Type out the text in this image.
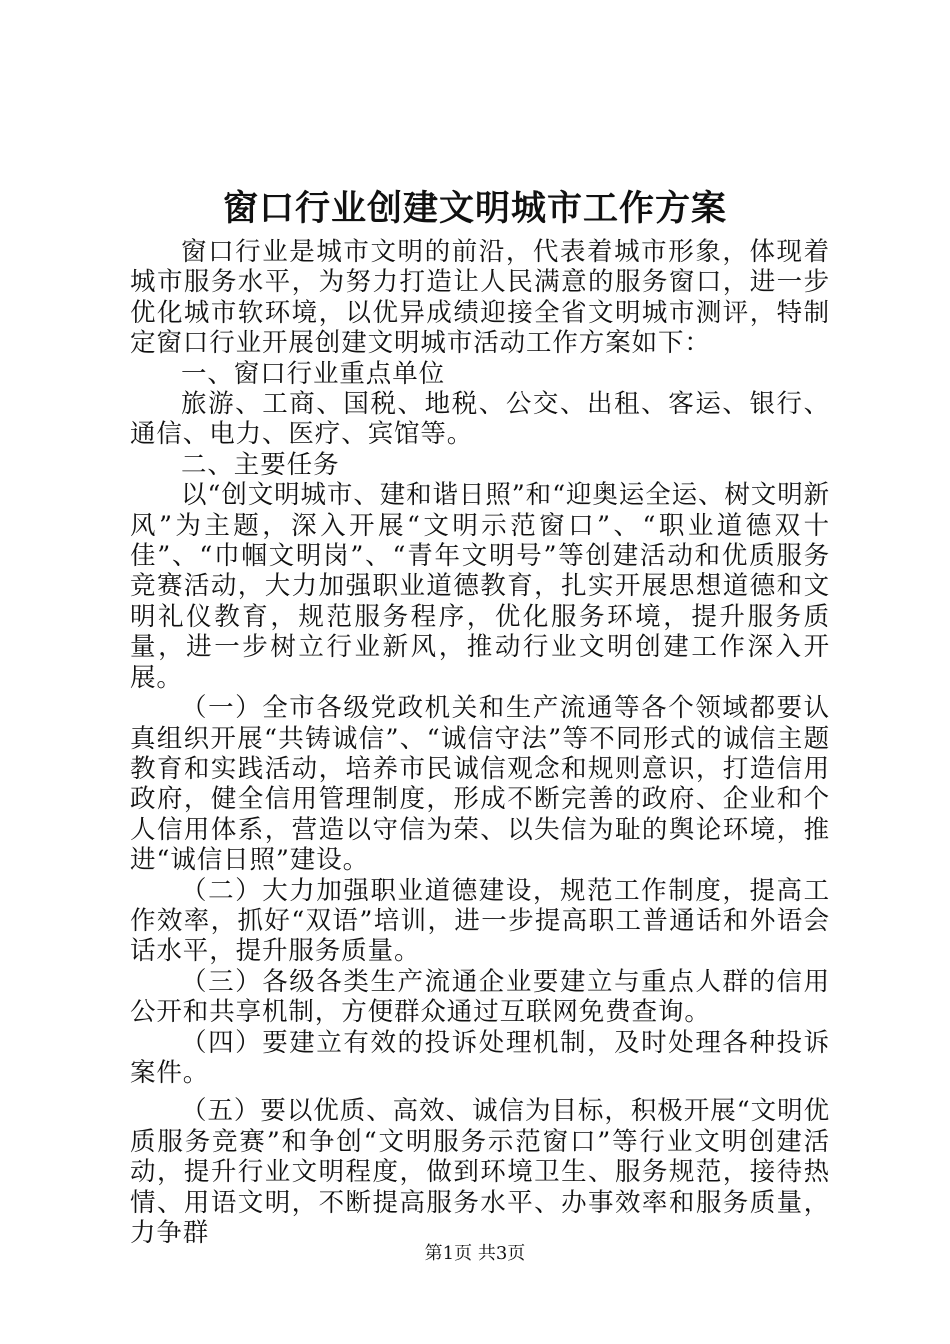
窗口行业创建文明城市工作方案

窗口行业是城市文明的前沿，代表着城市形象，体现着城市服务水平，为努力打造让人民满意的服务窗口，进一步优化城市软环境，以优异成绩迎接全省文明城市测评，特制定窗口行业开展创建文明城市活动工作方案如下：

一、窗口行业重点单位

旅游、工商、国税、地税、公交、出租、客运、银行、通信、电力、医疗、宾馆等。

二、主要任务

以“创文明城市、建和谐日照”和“迎奥运全运、树文明新风”为主题，深入开展“文明示范窗口”、“职业道德双十佳”、“巾帼文明岗”、“青年文明号”等创建活动和优质服务竞赛活动，大力加强职业道德教育，扎实开展思想道德和文明礼仪教育，规范服务程序，优化服务环境，提升服务质量，进一步树立行业新风，推动行业文明创建工作深入开展。

（一）全市各级党政机关和生产流通等各个领域都要认真组织开展“共铸诚信”、“诚信守法”等不同形式的诚信主题教育和实践活动，培养市民诚信观念和规则意识，打造信用政府，健全信用管理制度，形成不断完善的政府、企业和个人信用体系，营造以守信为荣、以失信为耻的舆论环境，推进“诚信日照”建设。

（二）大力加强职业道德建设，规范工作制度，提高工作效率，抓好“双语”培训，进一步提高职工普通话和外语会话水平，提升服务质量。

（三）各级各类生产流通企业要建立与重点人群的信用公开和共享机制，方便群众通过互联网免费查询。

（四）要建立有效的投诉处理机制，及时处理各种投诉案件。

（五）要以优质、高效、诚信为目标，积极开展“文明优质服务竞赛”和争创“文明服务示范窗口”等行业文明创建活动，提升行业文明程度，做到环境卫生、服务规范，接待热情、用语文明，不断提高服务水平、办事效率和服务质量，力争群

第1页 共3页
